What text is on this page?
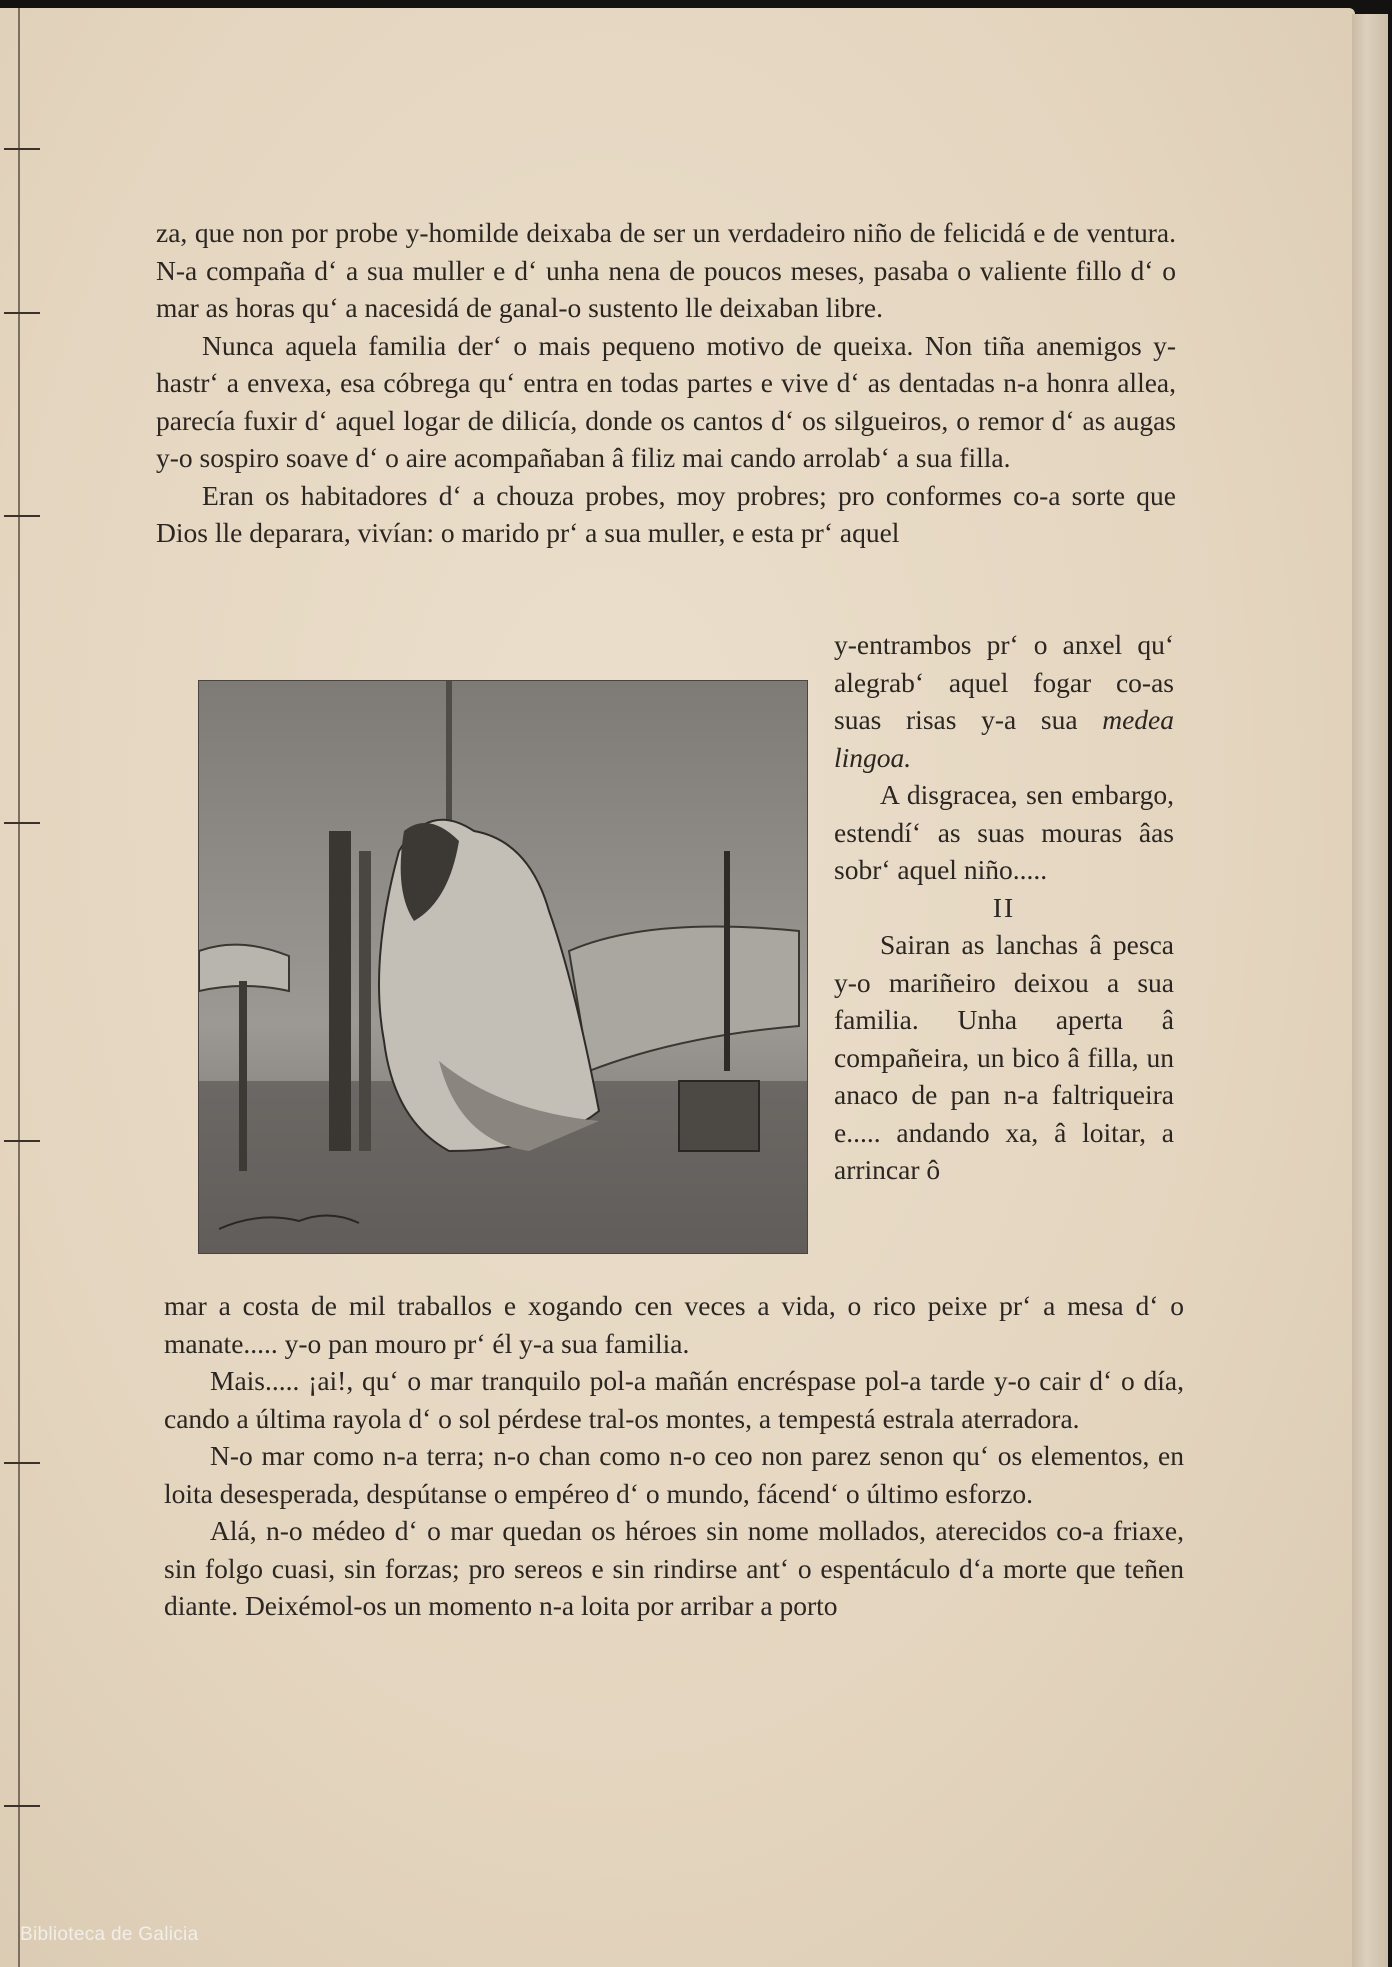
za, que non por probe y-homilde deixaba de ser un verdadeiro niño de felicidá e de ventura. N-a compaña d‘ a sua muller e d‘ unha nena de poucos meses, pasaba o valiente fillo d‘ o mar as horas qu‘ a nacesidá de ganal-o sustento lle deixaban libre.

Nunca aquela familia der‘ o mais pequeno motivo de queixa. Non tiña anemigos y-hastr‘ a envexa, esa cóbrega qu‘ entra en todas partes e vive d‘ as dentadas n-a honra allea, parecía fuxir d‘ aquel logar de dilicía, donde os cantos d‘ os silgueiros, o remor d‘ as augas y-o sospiro soave d‘ o aire acompañaban â filiz mai cando arrolab‘ a sua filla.

Eran os habitadores d‘ a chouza probes, moy probres; pro conformes co-a sorte que Dios lle deparara, vivían: o marido pr‘ a sua muller, e esta pr‘ aquel

y-entrambos pr‘ o anxel qu‘ alegrab‘ aquel fogar co-as suas risas y-a sua medea lingoa.

A disgracea, sen embargo, estendí‘ as suas mouras âas sobr‘ aquel niño.....

II

Sairan as lanchas â pesca y-o mariñeiro deixou a sua familia. Unha aperta â compañeira, un bico â filla, un anaco de pan n-a faltriqueira e..... andando xa, â loitar, a arrincar ô

mar a costa de mil traballos e xogando cen veces a vida, o rico peixe pr‘ a mesa d‘ o manate..... y-o pan mouro pr‘ él y-a sua familia.

Mais..... ¡ai!, qu‘ o mar tranquilo pol-a mañán encréspase pol-a tarde y-o cair d‘ o día, cando a última rayola d‘ o sol pérdese tral-os montes, a tempestá estrala aterradora.

N-o mar como n-a terra; n-o chan como n-o ceo non parez senon qu‘ os elementos, en loita desesperada, despútanse o empéreo d‘ o mundo, fácend‘ o último esforzo.

Alá, n-o médeo d‘ o mar quedan os héroes sin nome mollados, aterecidos co-a friaxe, sin folgo cuasi, sin forzas; pro sereos e sin rindirse ant‘ o espentáculo d‘a morte que teñen diante. Deixémol-os un momento n-a loita por arribar a porto

Biblioteca de Galicia
